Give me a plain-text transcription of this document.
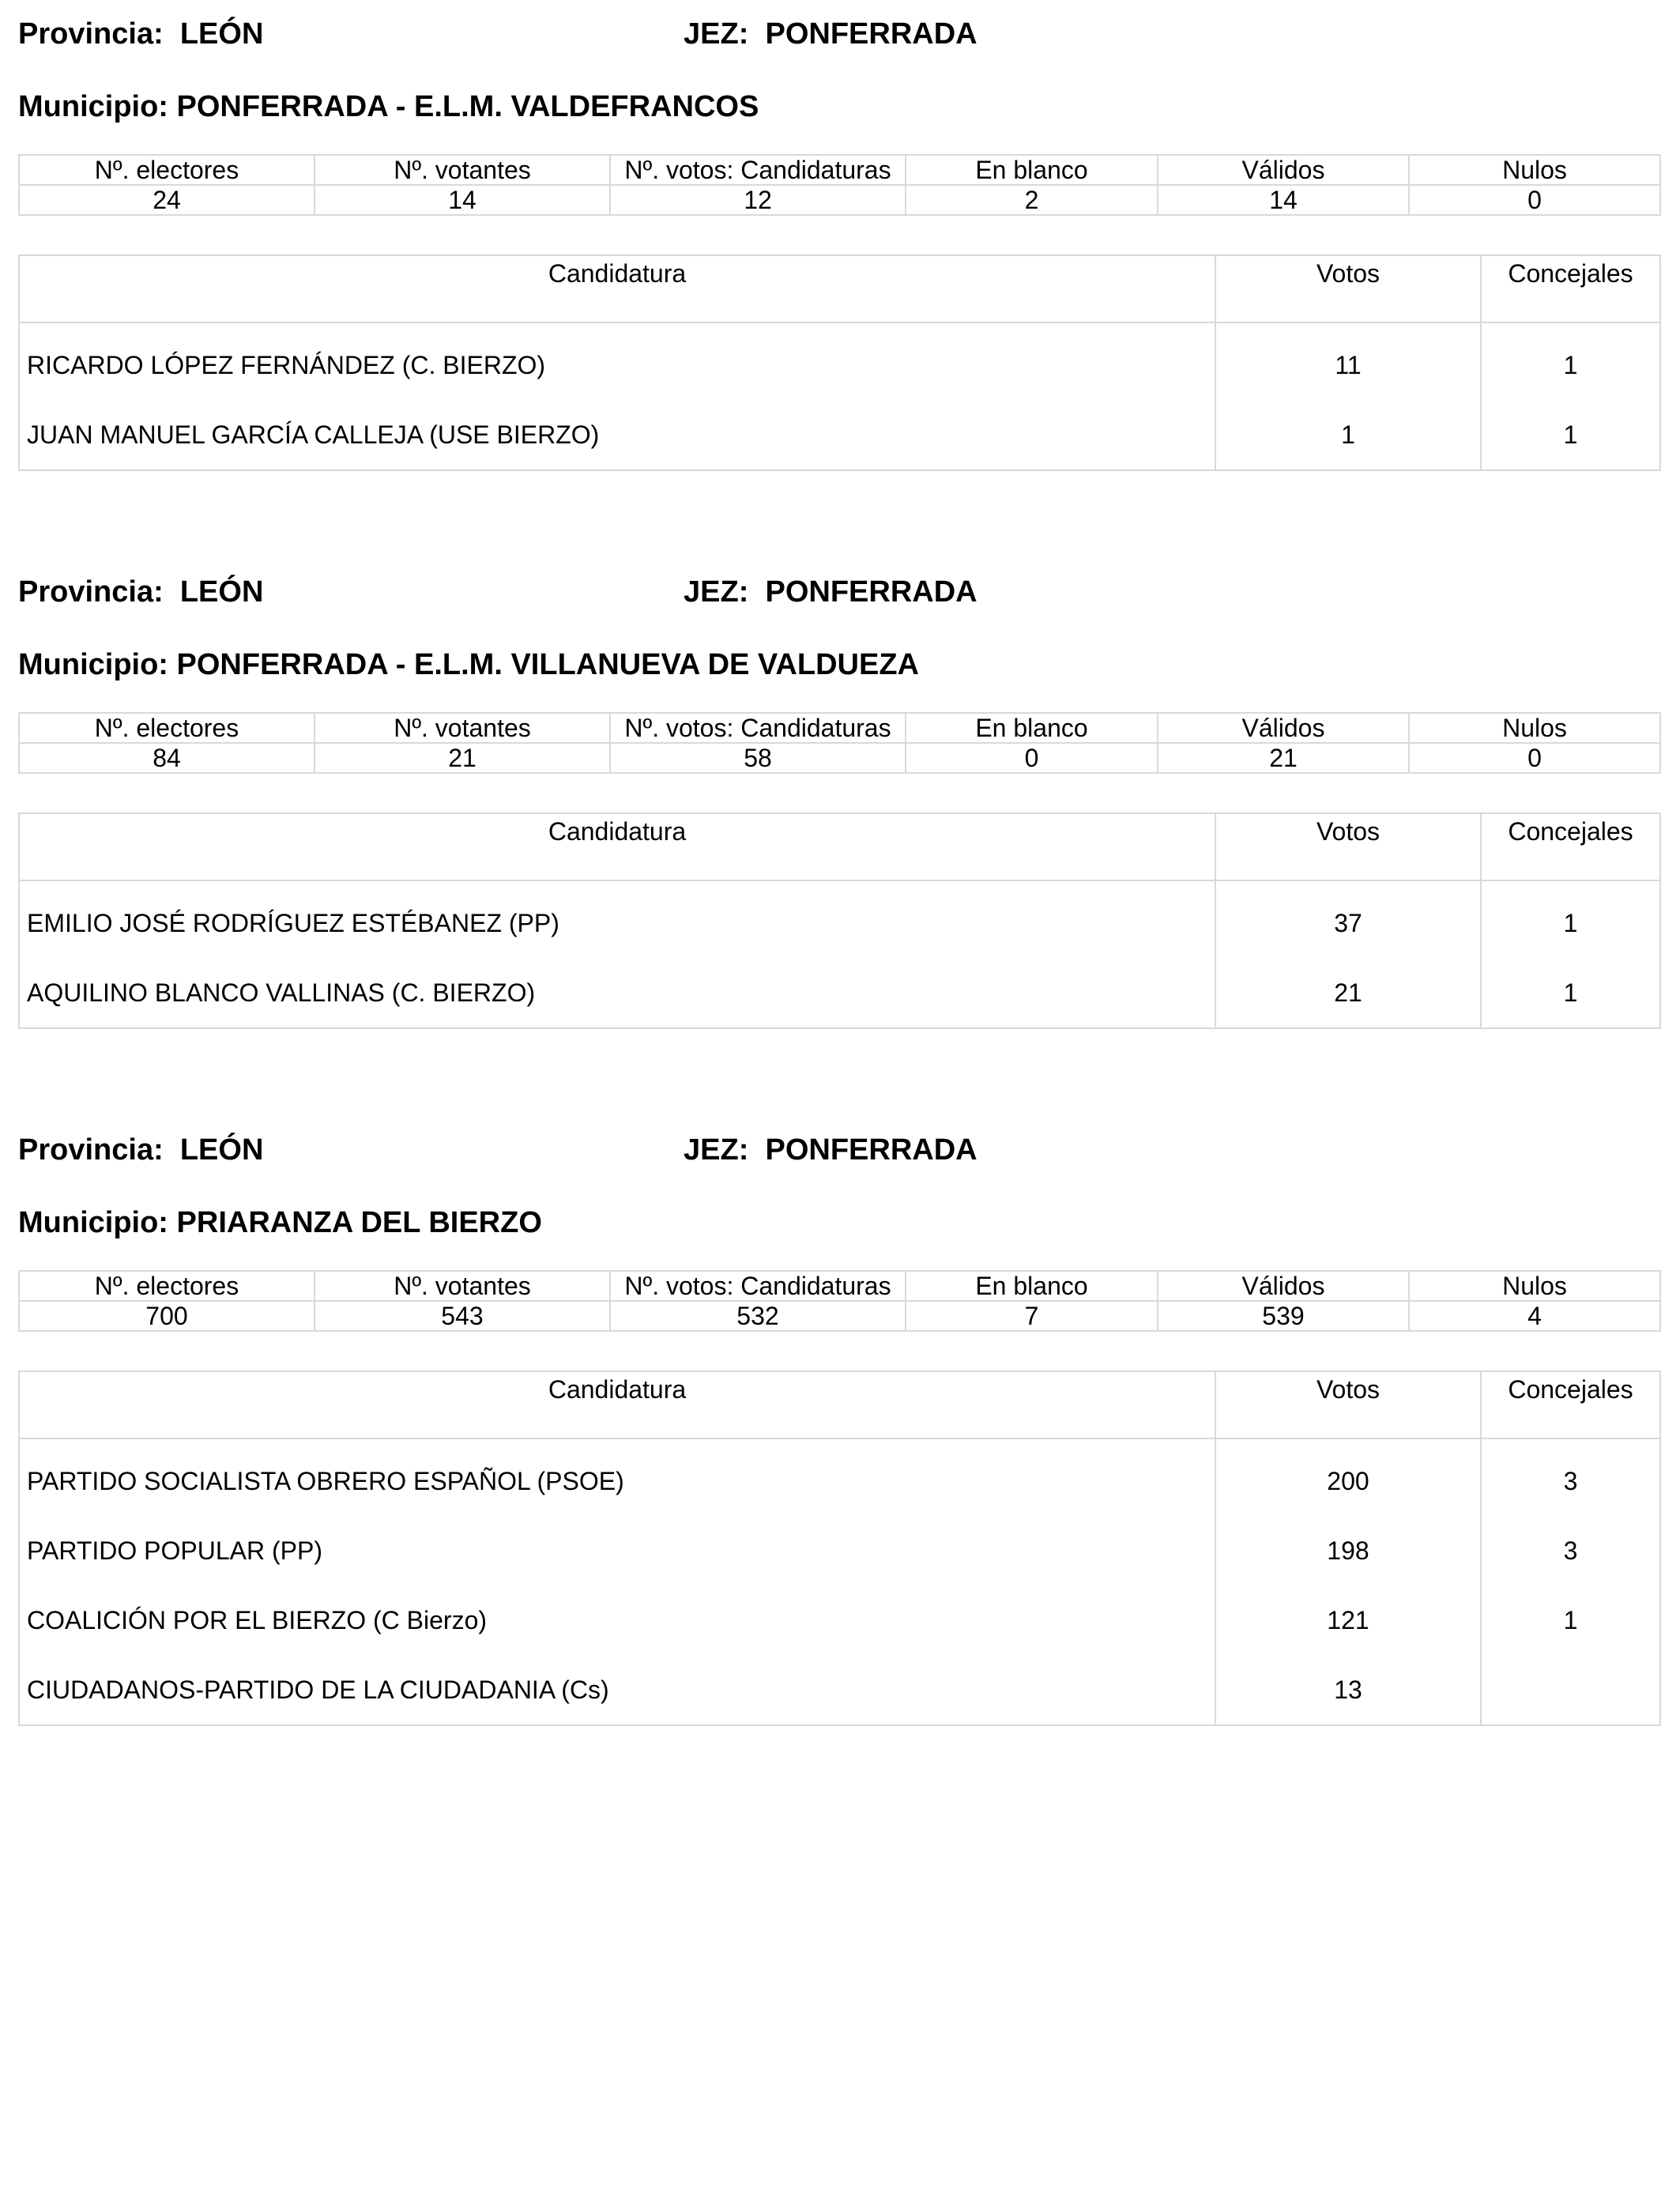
Provincia:  LEÓN	JEZ:  PONFERRADA
Municipio: PONFERRADA - E.L.M. VALDEFRANCOS
Nº. electores	Nº. votantes	Nº. votos: Candidaturas	En blanco	Válidos	Nulos
24	14	12	2	14	0
Candidatura	Votos	Concejales
RICARDO LÓPEZ FERNÁNDEZ (C. BIERZO)	11	1
JUAN MANUEL GARCÍA CALLEJA (USE BIERZO)	1	1
Provincia:  LEÓN	JEZ:  PONFERRADA
Municipio: PONFERRADA - E.L.M. VILLANUEVA DE VALDUEZA
Nº. electores	Nº. votantes	Nº. votos: Candidaturas	En blanco	Válidos	Nulos
84	21	58	0	21	0
Candidatura	Votos	Concejales
EMILIO JOSÉ RODRÍGUEZ ESTÉBANEZ (PP)	37	1
AQUILINO BLANCO VALLINAS (C. BIERZO)	21	1
Provincia:  LEÓN	JEZ:  PONFERRADA
Municipio: PRIARANZA DEL BIERZO
Nº. electores	Nº. votantes	Nº. votos: Candidaturas	En blanco	Válidos	Nulos
700	543	532	7	539	4
Candidatura	Votos	Concejales
PARTIDO SOCIALISTA OBRERO ESPAÑOL (PSOE)	200	3
PARTIDO POPULAR (PP)	198	3
COALICIÓN POR EL BIERZO (C Bierzo)	121	1
CIUDADANOS-PARTIDO DE LA CIUDADANIA (Cs)	13	
